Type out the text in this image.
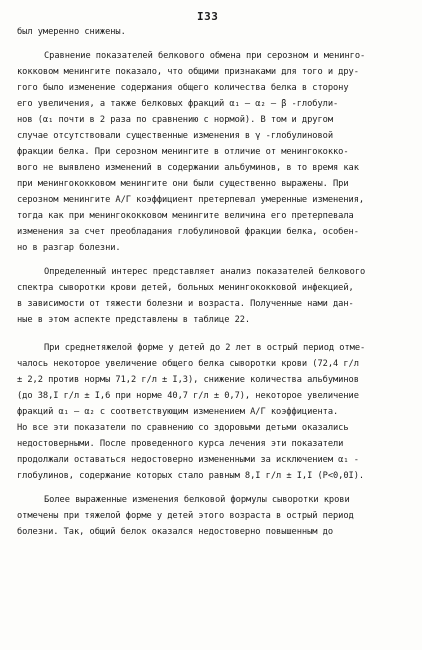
I33
был умеренно снижены.
Сравнение показателей белкового обмена при серозном и менинго-
кокковом менингите показало, что общими признаками для того и дру-
гого было изменение содержания общего количества белка в сторону
его увеличения, а также белковых фракций α₁ – α₂ – β -глобули-
нов (α₁ почти в 2 раза по сравнению с нормой). В том и другом
случае отсутствовали существенные изменения в γ -глобулиновой
фракции белка. При серозном менингите в отличие от менингококко-
вого не выявлено изменений в содержании альбуминов, в то время как
при менингококковом менингите они были существенно выражены. При
серозном менингите А/Г коэффициент претерпевал умеренные изменения,
тогда как при менингококковом менингите величина его претерпевала
изменения за счет преобладания глобулиновой фракции белка, особен-
но в разгар болезни.
Определенный интерес представляет анализ показателей белкового
спектра сыворотки крови детей, больных менингококковой инфекцией,
в зависимости от тяжести болезни и возраста. Полученные нами дан-
ные в этом аспекте представлены в таблице 22.
При среднетяжелой форме у детей до 2 лет в острый период отме-
чалось некоторое увеличение общего белка сыворотки крови (72,4 г/л
± 2,2 против нормы 71,2 г/л ± I,3), снижение количества альбуминов
(до 38,I г/л ± I,6 при норме 40,7 г/л ± 0,7), некоторое увеличение
фракций α₁ – α₂ с соответствующим изменением А/Г коэффициента.
Но все эти показатели по сравнению со здоровыми детьми оказались
недостоверными. После проведенного курса лечения эти показатели
продолжали оставаться недостоверно измененными за исключением α₁ -
глобулинов, содержание которых стало равным 8,I г/л ± I,I (P<0,0I).
Более выраженные изменения белковой формулы сыворотки крови
отмечены при тяжелой форме у детей этого возраста в острый период
болезни. Так, общий белок оказался недостоверно повышенным до
